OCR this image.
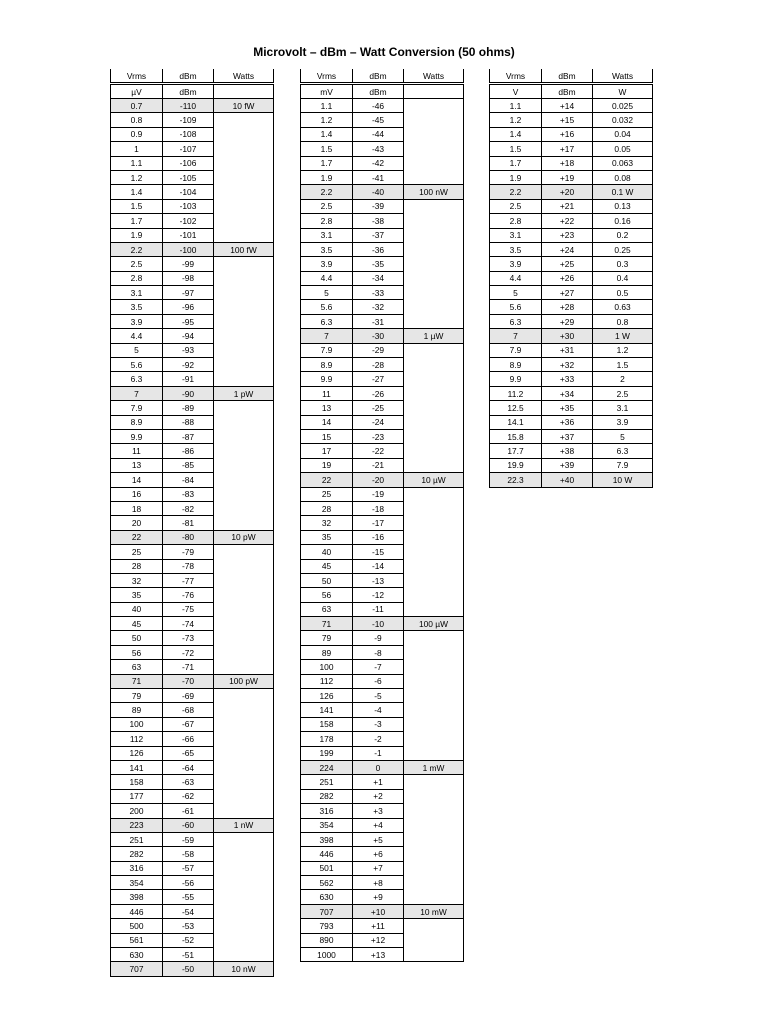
Microvolt – dBm – Watt Conversion (50 ohms)
Vrms	dBm	Watts
µV	dBm	
0.7	-110	10 fW
0.8	-109	
0.9	-108	
1	-107	
1.1	-106	
1.2	-105	
1.4	-104	
1.5	-103	
1.7	-102	
1.9	-101	
2.2	-100	100 fW
2.5	-99	
2.8	-98	
3.1	-97	
3.5	-96	
3.9	-95	
4.4	-94	
5	-93	
5.6	-92	
6.3	-91	
7	-90	1 pW
7.9	-89	
8.9	-88	
9.9	-87	
11	-86	
13	-85	
14	-84	
16	-83	
18	-82	
20	-81	
22	-80	10 pW
25	-79	
28	-78	
32	-77	
35	-76	
40	-75	
45	-74	
50	-73	
56	-72	
63	-71	
71	-70	100 pW
79	-69	
89	-68	
100	-67	
112	-66	
126	-65	
141	-64	
158	-63	
177	-62	
200	-61	
223	-60	1 nW
251	-59	
282	-58	
316	-57	
354	-56	
398	-55	
446	-54	
500	-53	
561	-52	
630	-51	
707	-50	10 nW
Vrms	dBm	Watts
mV	dBm	
1.1	-46	
1.2	-45	
1.4	-44	
1.5	-43	
1.7	-42	
1.9	-41	
2.2	-40	100 nW
2.5	-39	
2.8	-38	
3.1	-37	
3.5	-36	
3.9	-35	
4.4	-34	
5	-33	
5.6	-32	
6.3	-31	
7	-30	1 µW
7.9	-29	
8.9	-28	
9.9	-27	
11	-26	
13	-25	
14	-24	
15	-23	
17	-22	
19	-21	
22	-20	10 µW
25	-19	
28	-18	
32	-17	
35	-16	
40	-15	
45	-14	
50	-13	
56	-12	
63	-11	
71	-10	100 µW
79	-9	
89	-8	
100	-7	
112	-6	
126	-5	
141	-4	
158	-3	
178	-2	
199	-1	
224	0	1 mW
251	+1	
282	+2	
316	+3	
354	+4	
398	+5	
446	+6	
501	+7	
562	+8	
630	+9	
707	+10	10 mW
793	+11	
890	+12	
1000	+13	
Vrms	dBm	Watts
V	dBm	W
1.1	+14	0.025
1.2	+15	0.032
1.4	+16	0.04
1.5	+17	0.05
1.7	+18	0.063
1.9	+19	0.08
2.2	+20	0.1 W
2.5	+21	0.13
2.8	+22	0.16
3.1	+23	0.2
3.5	+24	0.25
3.9	+25	0.3
4.4	+26	0.4
5	+27	0.5
5.6	+28	0.63
6.3	+29	0.8
7	+30	1 W
7.9	+31	1.2
8.9	+32	1.5
9.9	+33	2
11.2	+34	2.5
12.5	+35	3.1
14.1	+36	3.9
15.8	+37	5
17.7	+38	6.3
19.9	+39	7.9
22.3	+40	10 W
